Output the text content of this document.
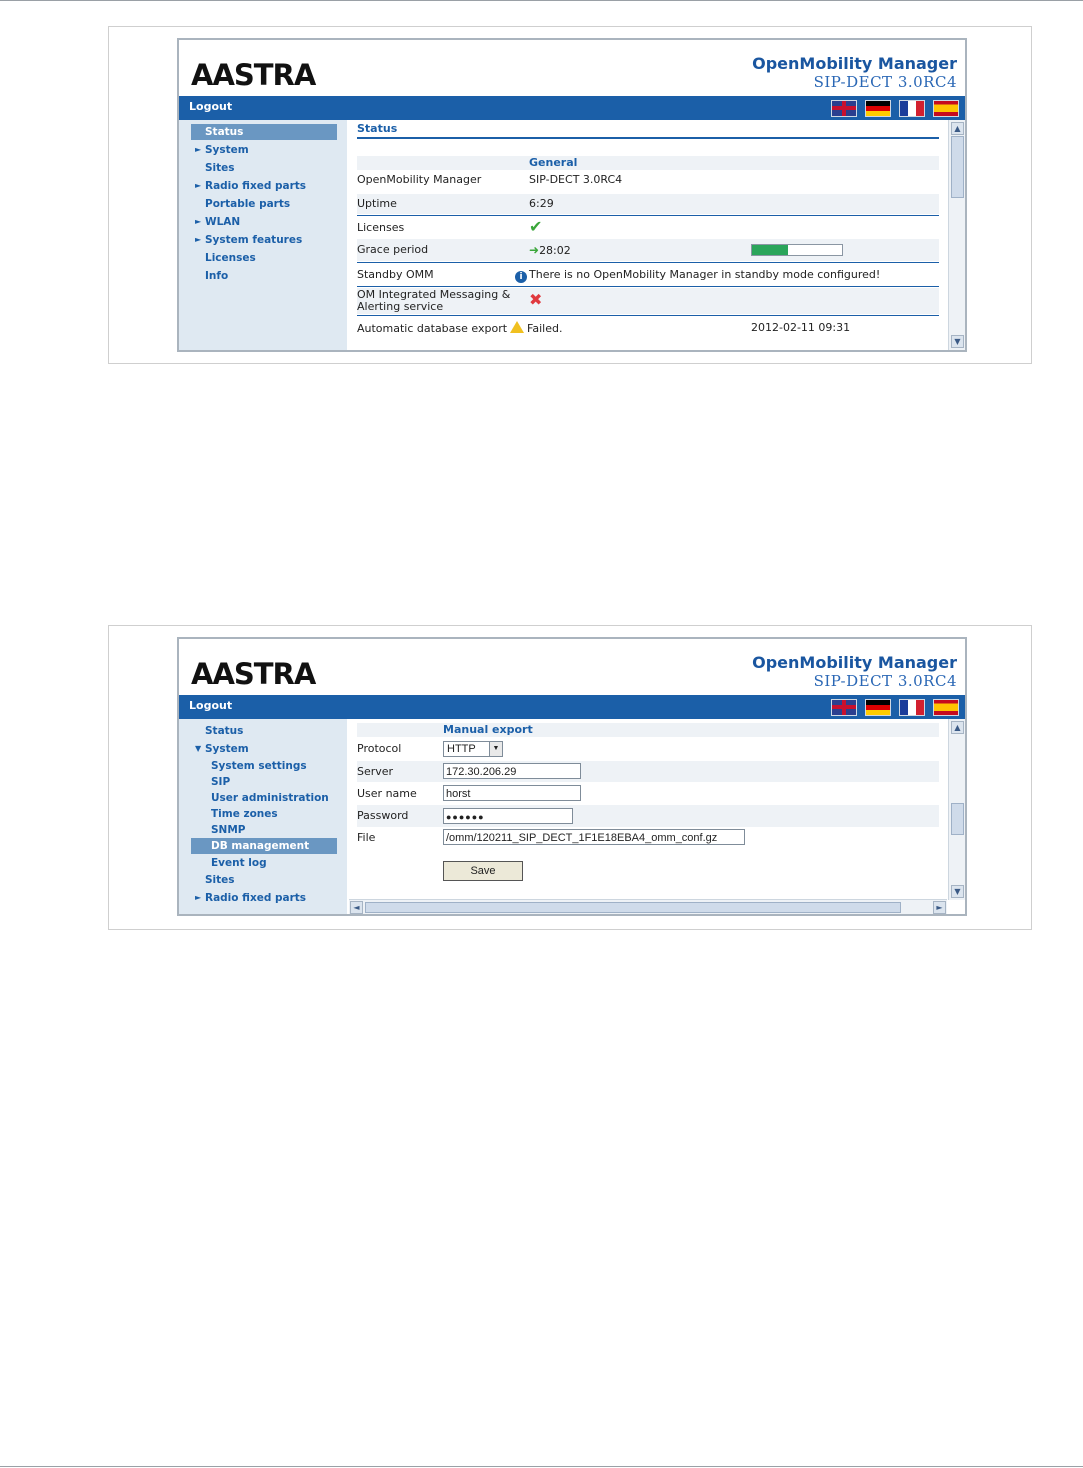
AASTRA	OpenMobility Manager
SIP-DECT 3.0RC4
Logout
Status
► System
Sites
► Radio fixed parts
Portable parts
► WLAN
► System features
Licenses
Info
Status
General
OpenMobility Manager	SIP-DECT 3.0RC4
Uptime	6:29
Licenses	✔
Grace period	➜28:02
Standby OMM	i There is no OpenMobility Manager in standby mode configured!
OM Integrated Messaging &
Alerting service	✖
Automatic database export Failed.	2012-02-11 09:31
▲
▼
AASTRA	OpenMobility Manager
SIP-DECT 3.0RC4
Logout
Status
▼ System
System settings
SIP
User administration
Time zones
SNMP
DB management
Event log
Sites
► Radio fixed parts
Manual export
Protocol	HTTP	▼
Server	172.30.206.29
User name	horst
Password	●●●●●●
File	/omm/120211_SIP_DECT_1F1E18EBA4_omm_conf.gz
Save
▲
▼
◄	►
